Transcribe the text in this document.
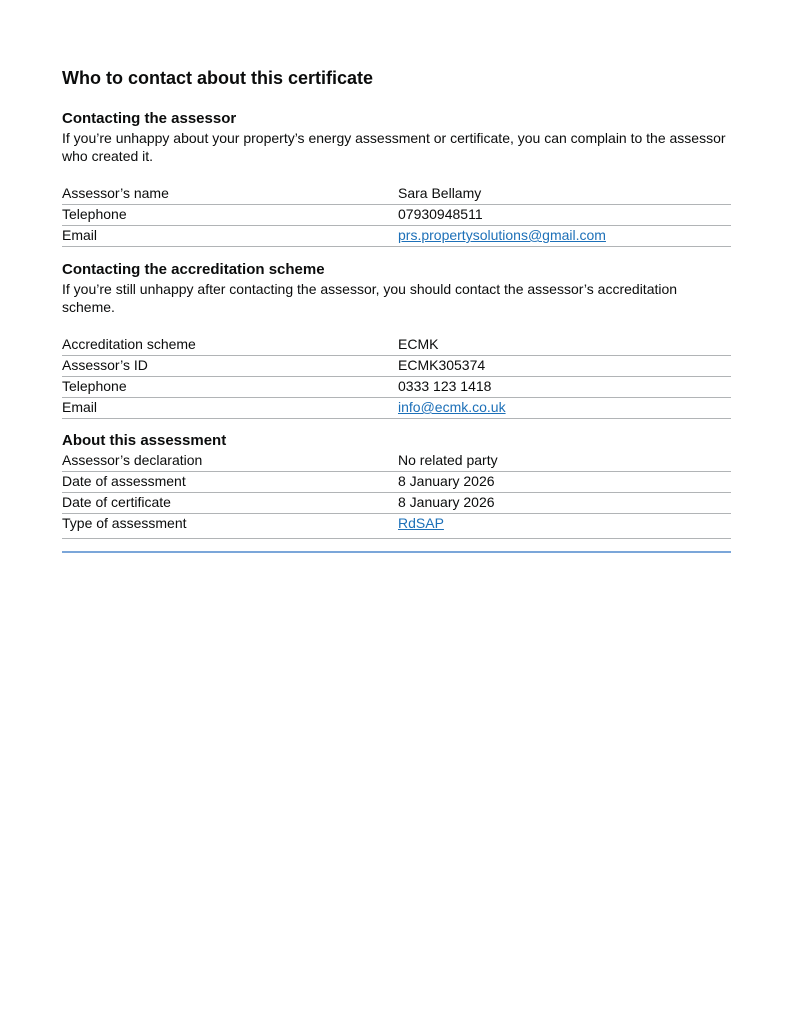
Who to contact about this certificate
Contacting the assessor

If you’re unhappy about your property’s energy assessment or certificate, you can complain to the assessor who created it.

Assessor’s name	Sara Bellamy
Telephone	07930948511
Email	prs.propertysolutions@gmail.com
Contacting the accreditation scheme

If you’re still unhappy after contacting the assessor, you should contact the assessor’s accreditation scheme.

Accreditation scheme	ECMK
Assessor’s ID	ECMK305374
Telephone	0333 123 1418
Email	info@ecmk.co.uk
About this assessment
Assessor’s declaration	No related party
Date of assessment	8 January 2026
Date of certificate	8 January 2026
Type of assessment	RdSAP
